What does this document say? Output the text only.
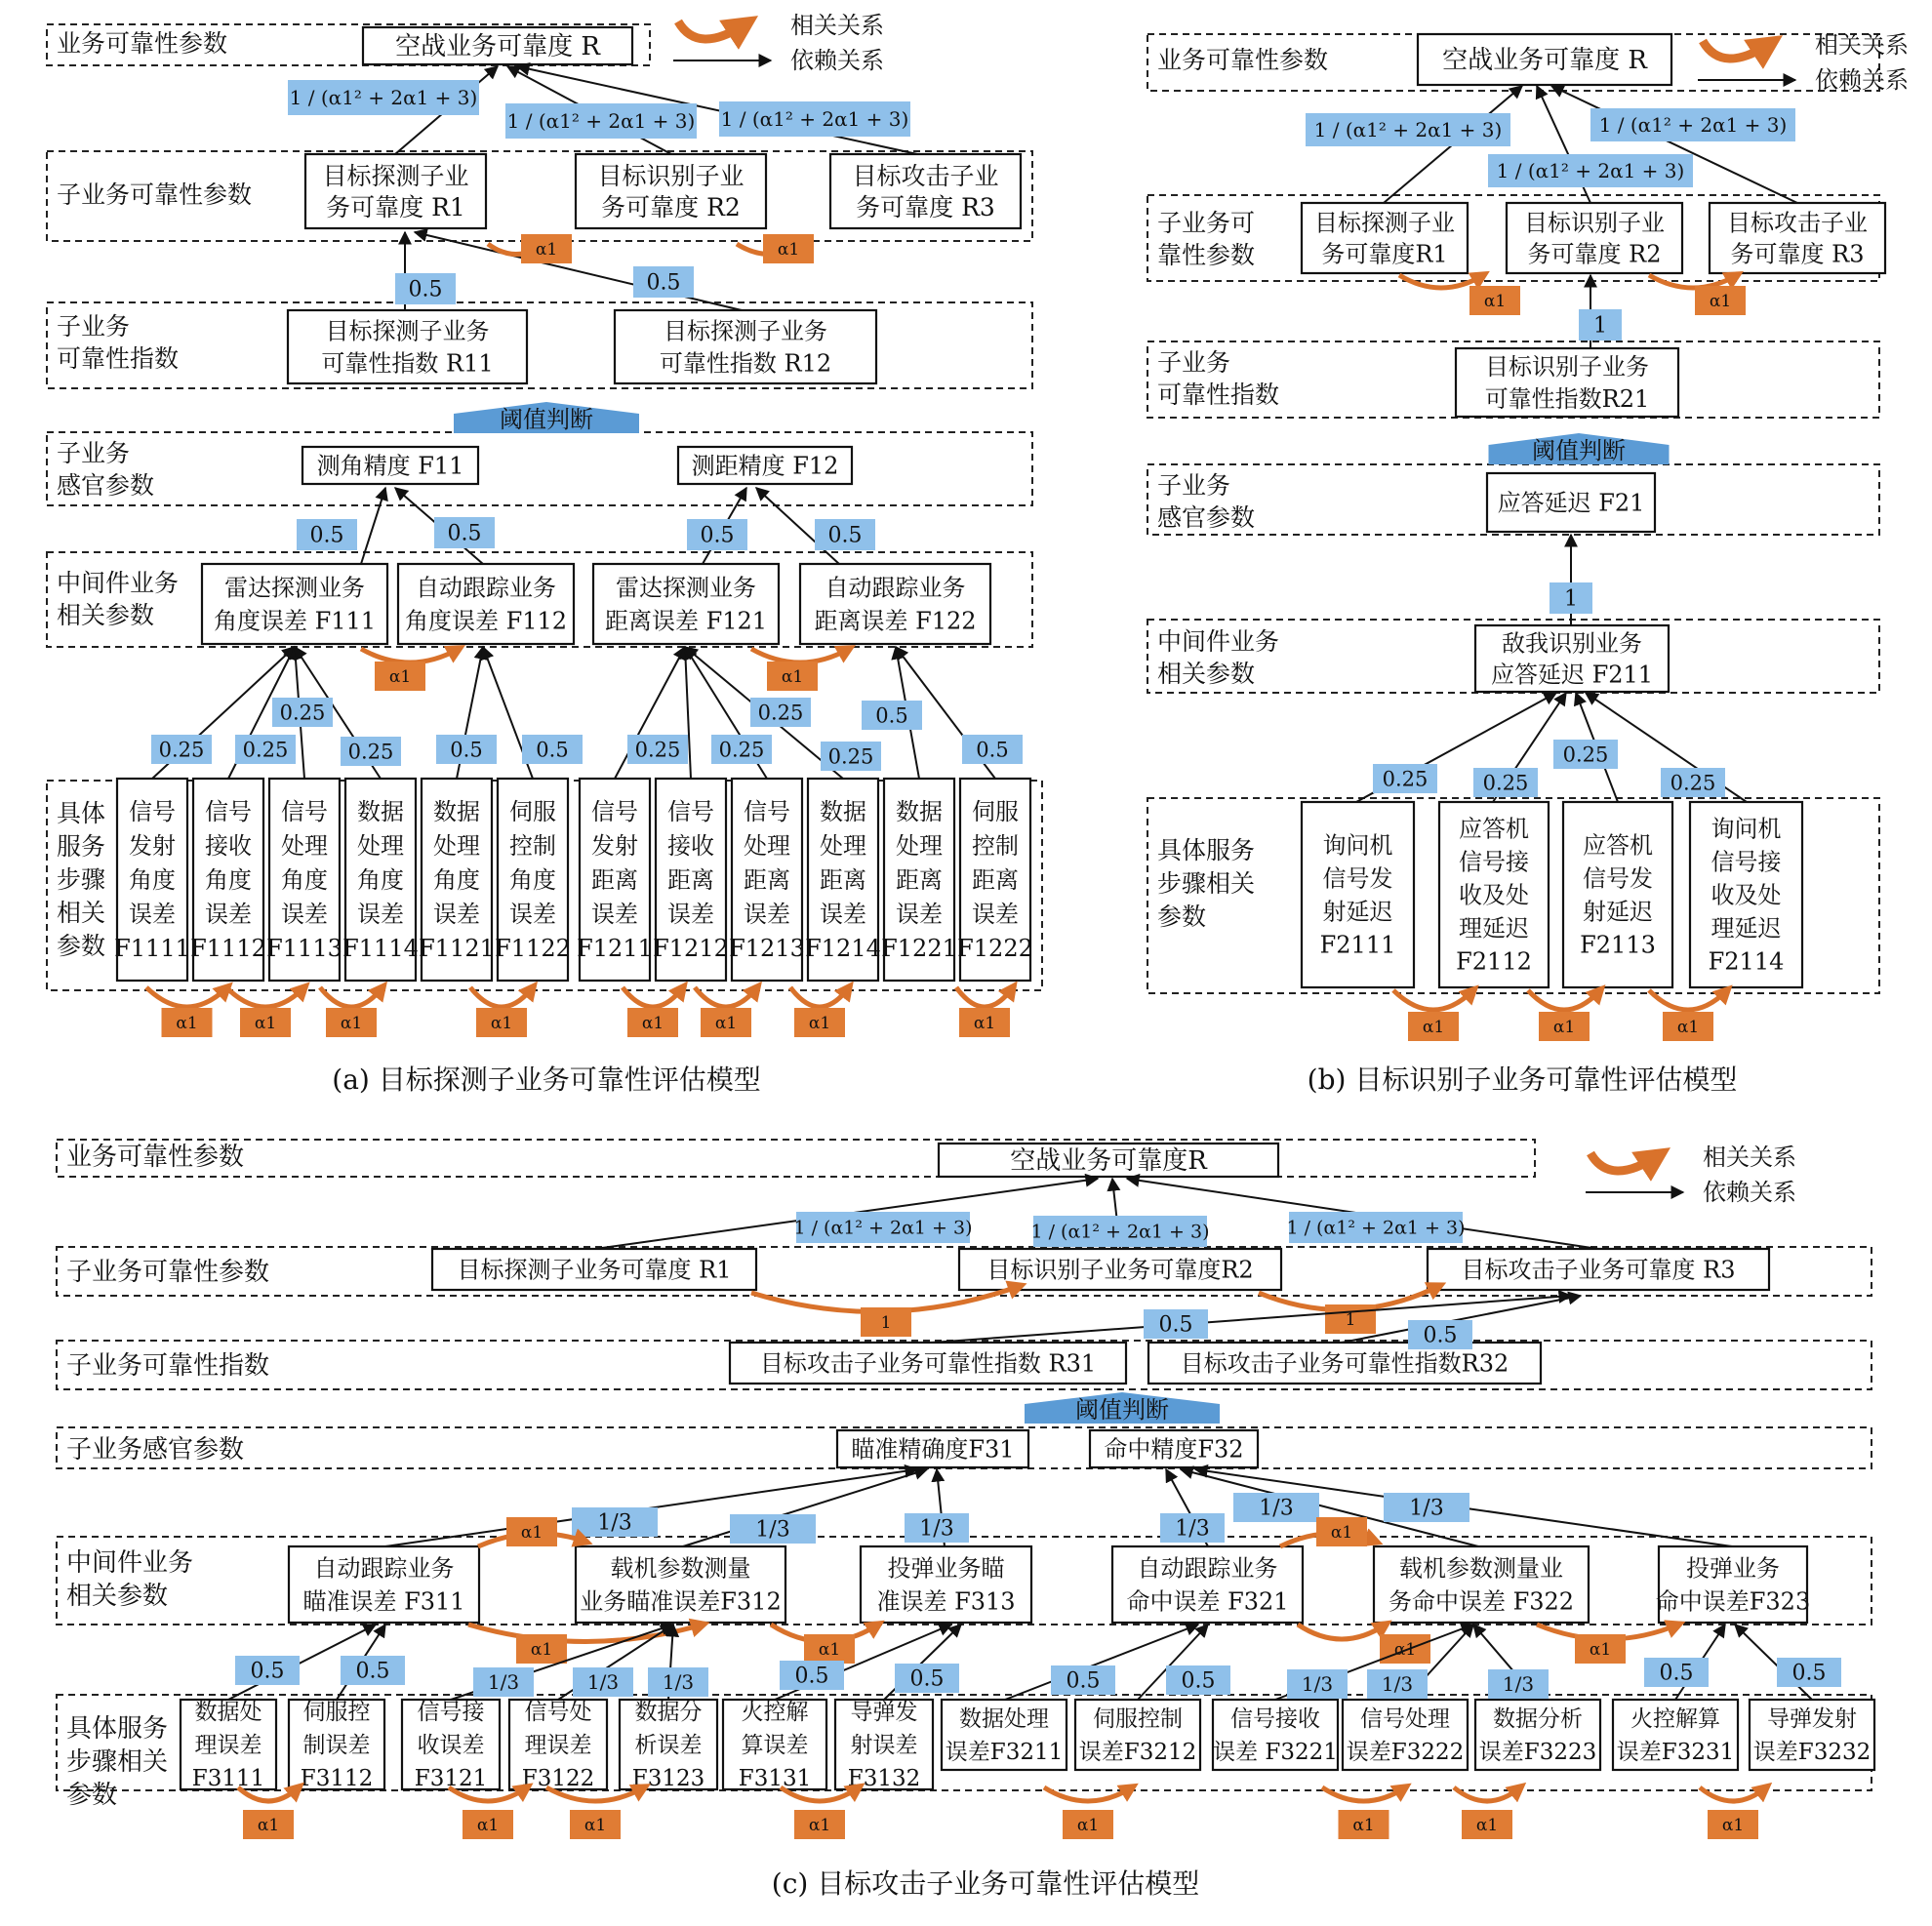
业务可靠性参数
子业务可靠性参数
子业务
可靠性指数
子业务
感官参数
中间件业务
相关参数
具体
服务
步骤
相关
参数
相关关系
依赖关系
空战业务可靠度 R
目标探测子业
务可靠度 R1
目标识别子业
务可靠度 R2
目标攻击子业
务可靠度 R3
目标探测子业务
可靠性指数 R11
目标探测子业务
可靠性指数 R12
阈值判断
测角精度 F11	测距精度 F12
雷达探测业务
角度误差 F111
自动跟踪业务
角度误差 F112
雷达探测业务
距离误差 F121
自动跟踪业务
距离误差 F122
信号
发射
角度
误差
F1111
信号
接收
角度
误差
F1112
信号
处理
角度
误差
F1113
数据
处理
角度
误差
F1114
数据
处理
角度
误差
F1121
伺服
控制
角度
误差
F1122
信号
发射
距离
误差
F1211
信号
接收
距离
误差
F1212
信号
处理
距离
误差
F1213
数据
处理
距离
误差
F1214
数据
处理
距离
误差
F1221
伺服
控制
距离
误差
F1222
1 / (α1² + 2α1 + 3)
1 / (α1² + 2α1 + 3) 1 / (α1² + 2α1 + 3)
0.5	0.5
0.5	0.5	0.5	0.5
α1	α1
α1	α1
0.25 0.25
0.25
0.25	0.5	0.5	0.25 0.25
0.25
0.25
0.5
0.5
α1	α1	α1	α1	α1	α1	α1	α1
(a) 目标探测子业务可靠性评估模型
业务可靠性参数
子业务可
靠性参数
子业务
可靠性指数
子业务
感官参数
中间件业务
相关参数
具体服务
步骤相关
参数
相关关系
依赖关系
空战业务可靠度 R
目标探测子业
务可靠度R1
目标识别子业
务可靠度 R2
目标攻击子业
务可靠度 R3
目标识别子业务
可靠性指数R21
阈值判断
应答延迟 F21
敌我识别业务
应答延迟 F211
询问机
信号发
射延迟
F2111
应答机
信号接
收及处
理延迟
F2112
应答机
信号发
射延迟
F2113
询问机
信号接
收及处
理延迟
F2114
1 / (α1² + 2α1 + 3)
1 / (α1² + 2α1 + 3)
1 / (α1² + 2α1 + 3)
α1	α1
1
1
0.25	0.25
0.25
0.25
α1	α1	α1
(b) 目标识别子业务可靠性评估模型
业务可靠性参数
子业务可靠性参数
子业务可靠性指数
子业务感官参数
中间件业务
相关参数
具体服务
步骤相关
参数
相关关系
依赖关系
空战业务可靠度R
目标探测子业务可靠度 R1	目标识别子业务可靠度R2	目标攻击子业务可靠度 R3
目标攻击子业务可靠性指数 R31	目标攻击子业务可靠性指数R32
阈值判断
瞄准精确度F31	命中精度F32
自动跟踪业务
瞄准误差 F311
载机参数测量
业务瞄准误差F312
投弹业务瞄
准误差 F313
自动跟踪业务
命中误差 F321
载机参数测量业
务命中误差 F322
投弹业务
命中误差F323
数据处
理误差
F3111
伺服控
制误差
F3112
信号接
收误差
F3121
信号处
理误差
F3122
数据分
析误差
F3123
火控解
算误差
F3131
导弹发
射误差
F3132
数据处理
误差F3211
伺服控制
误差F3212
信号接收
误差 F3221
信号处理
误差F3222
数据分析
误差F3223
火控解算
误差F3231
导弹发射
误差F3232
1 / (α1² + 2α1 + 3)	1 / (α1² + 2α1 + 3)	1 / (α1² + 2α1 + 3)
1	1
0.5	0.5
1/3	1/3	1/3	1/3
1/3	1/3
α1	α1
α1	α1	α1	α1
0.5	0.5	1/3	1/3 1/3	0.5	0.5	0.5	0.5	1/3 1/3	1/3	0.5	0.5
α1	α1	α1	α1	α1	α1	α1	α1
(c) 目标攻击子业务可靠性评估模型
